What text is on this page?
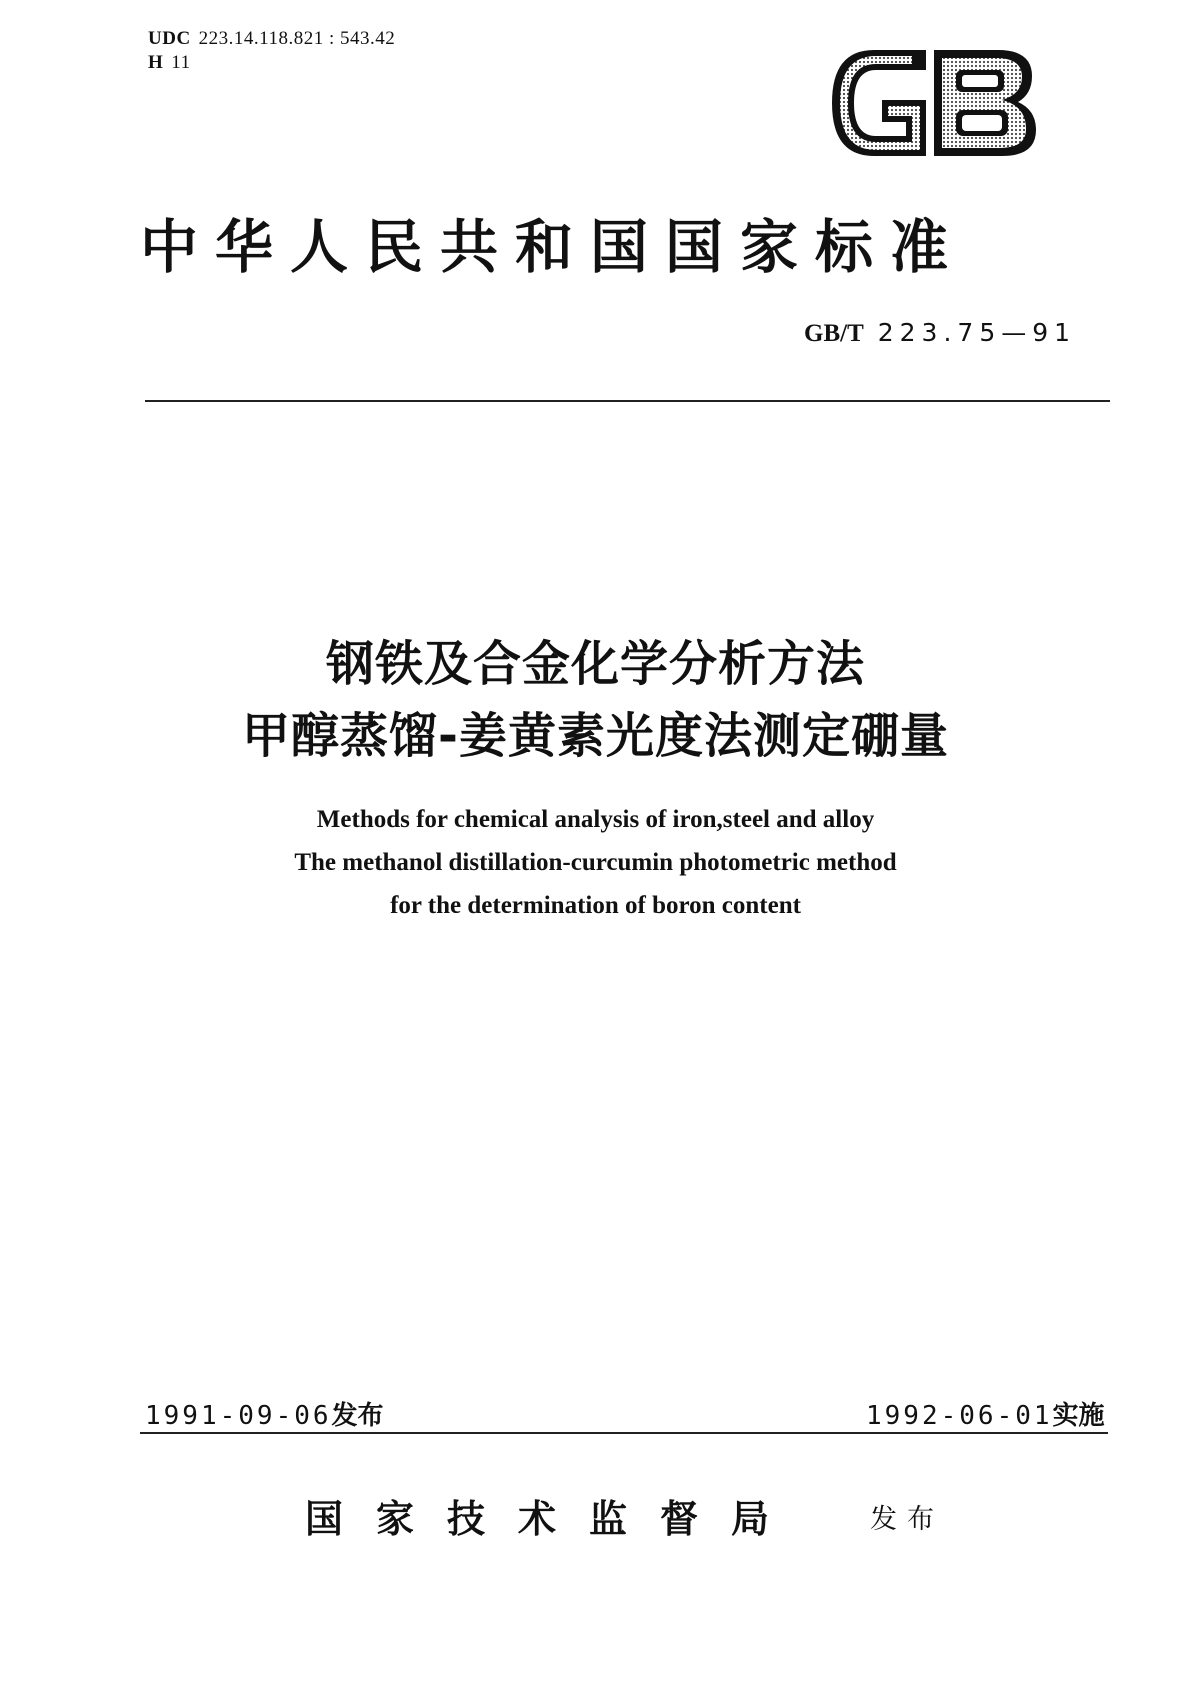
UDC 223.14.118.821 : 543.42
H 11
中华人民共和国国家标准
GB/T 223.75—91
钢铁及合金化学分析方法
甲醇蒸馏-姜黄素光度法测定硼量
Methods for chemical analysis of iron,steel and alloy
The methanol distillation-curcumin photometric method
for the determination of boron content
1991-09-06发布	1992-06-01实施
国家技术监督局	发布
